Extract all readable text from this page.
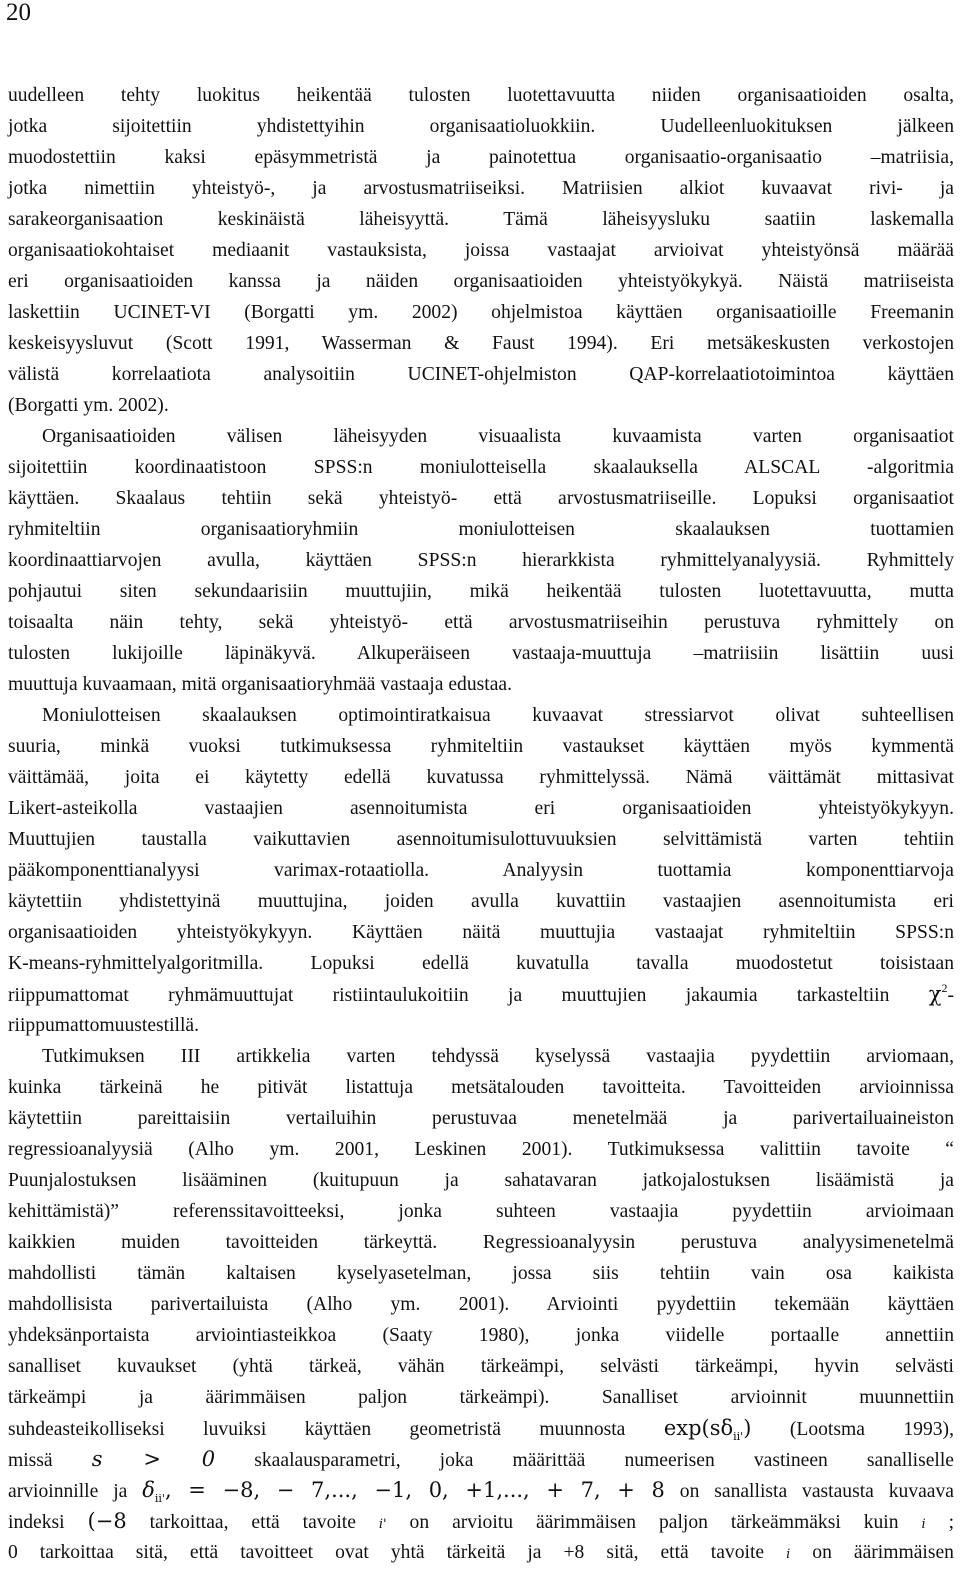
20
uudelleen tehty luokitus heikentää tulosten luotettavuutta niiden organisaatioiden osalta,
jotka sijoitettiin yhdistettyihin organisaatioluokkiin. Uudelleenluokituksen jälkeen
muodostettiin kaksi epäsymmetristä ja painotettua organisaatio-organisaatio –matriisia,
jotka nimettiin yhteistyö-, ja arvostusmatriiseiksi. Matriisien alkiot kuvaavat rivi- ja
sarakeorganisaation keskinäistä läheisyyttä. Tämä läheisyysluku saatiin laskemalla
organisaatiokohtaiset mediaanit vastauksista, joissa vastaajat arvioivat yhteistyönsä määrää
eri organisaatioiden kanssa ja näiden organisaatioiden yhteistyökykyä. Näistä matriiseista
laskettiin UCINET-VI (Borgatti ym. 2002) ohjelmistoa käyttäen organisaatioille Freemanin
keskeisyysluvut (Scott 1991, Wasserman & Faust 1994). Eri metsäkeskusten verkostojen
välistä korrelaatiota analysoitiin UCINET-ohjelmiston QAP-korrelaatiotoimintoa käyttäen
(Borgatti ym. 2002).
Organisaatioiden välisen läheisyyden visuaalista kuvaamista varten organisaatiot
sijoitettiin koordinaatistoon SPSS:n moniulotteisella skaalauksella ALSCAL -algoritmia
käyttäen. Skaalaus tehtiin sekä yhteistyö- että arvostusmatriiseille. Lopuksi organisaatiot
ryhmiteltiin organisaatioryhmiin moniulotteisen skaalauksen tuottamien
koordinaattiarvojen avulla, käyttäen SPSS:n hierarkkista ryhmittelyanalyysiä. Ryhmittely
pohjautui siten sekundaarisiin muuttujiin, mikä heikentää tulosten luotettavuutta, mutta
toisaalta näin tehty, sekä yhteistyö- että arvostusmatriiseihin perustuva ryhmittely on
tulosten lukijoille läpinäkyvä. Alkuperäiseen vastaaja-muuttuja –matriisiin lisättiin uusi
muuttuja kuvaamaan, mitä organisaatioryhmää vastaaja edustaa.
Moniulotteisen skaalauksen optimointiratkaisua kuvaavat stressiarvot olivat suhteellisen
suuria, minkä vuoksi tutkimuksessa ryhmiteltiin vastaukset käyttäen myös kymmentä
väittämää, joita ei käytetty edellä kuvatussa ryhmittelyssä. Nämä väittämät mittasivat
Likert-asteikolla vastaajien asennoitumista eri organisaatioiden yhteistyökykyyn.
Muuttujien taustalla vaikuttavien asennoitumisulottuvuuksien selvittämistä varten tehtiin
pääkomponenttianalyysi varimax-rotaatiolla. Analyysin tuottamia komponenttiarvoja
käytettiin yhdistettyinä muuttujina, joiden avulla kuvattiin vastaajien asennoitumista eri
organisaatioiden yhteistyökykyyn. Käyttäen näitä muuttujia vastaajat ryhmiteltiin SPSS:n
K-means-ryhmittelyalgoritmilla. Lopuksi edellä kuvatulla tavalla muodostetut toisistaan
riippumattomat ryhmämuuttujat ristiintaulukoitiin ja muuttujien jakaumia tarkasteltiin $\chi^2-$
riippumattomuustestillä.
Tutkimuksen III artikkelia varten tehdyssä kyselyssä vastaajia pyydettiin arviomaan,
kuinka tärkeinä he pitivät listattuja metsätalouden tavoitteita. Tavoitteiden arvioinnissa
käytettiin pareittaisiin vertailuihin perustuvaa menetelmää ja parivertailuaineiston
regressioanalyysiä (Alho ym. 2001, Leskinen 2001). Tutkimuksessa valittiin tavoite “
Puunjalostuksen lisääminen (kuitupuun ja sahatavaran jatkojalostuksen lisäämistä ja
kehittämistä)” referenssitavoitteeksi, jonka suhteen vastaajia pyydettiin arvioimaan
kaikkien muiden tavoitteiden tärkeyttä. Regressioanalyysin perustuva analyysimenetelmä
mahdollisti tämän kaltaisen kyselyasetelman, jossa siis tehtiin vain osa kaikista
mahdollisista parivertailuista (Alho ym. 2001). Arviointi pyydettiin tekemään käyttäen
yhdeksänportaista arviointiasteikkoa (Saaty 1980), jonka viidelle portaalle annettiin
sanalliset kuvaukset (yhtä tärkeä, vähän tärkeämpi, selvästi tärkeämpi, hyvin selvästi
tärkeämpi ja äärimmäisen paljon tärkeämpi). Sanalliset arvioinnit muunnettiin
suhdeasteikolliseksi luvuiksi käyttäen geometristä muunnosta $\exp(s\delta_{ii'})$ (Lootsma 1993),
missä s > 0 skaalausparametri, joka määrittää numeerisen vastineen sanalliselle
arvioinnille ja $\delta_{ii'}$, = −8, − 7,..., −1, 0, +1,..., + 7, + 8 on sanallista vastausta kuvaava
indeksi (−8 tarkoittaa, että tavoite i' on arvioitu äärimmäisen paljon tärkeämmäksi kuin i ;
0 tarkoittaa sitä, että tavoitteet ovat yhtä tärkeitä ja +8 sitä, että tavoite i on äärimmäisen
